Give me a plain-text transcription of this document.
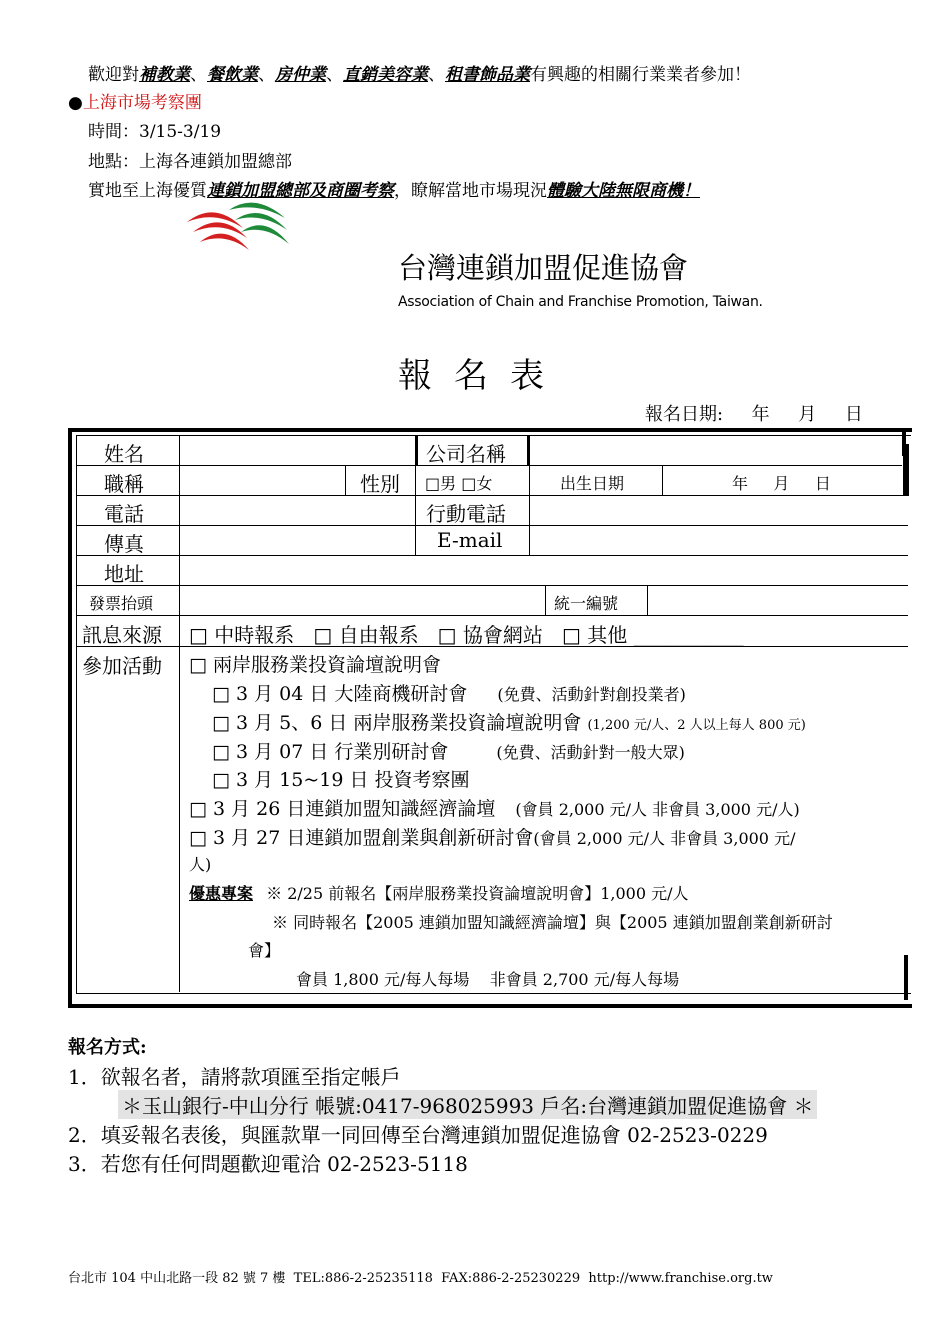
歡迎對補教業、餐飲業、房仲業、直銷美容業、租書飾品業有興趣的相關行業業者參加！
●上海市場考察團
時間：3/15-3/19
地點：上海各連鎖加盟總部
實地至上海優質連鎖加盟總部及商圈考察，瞭解當地市場現況體驗大陸無限商機！
台灣連鎖加盟促進協會
Association of Chain and Franchise Promotion, Taiwan.
報名表
報名日期:     年     月     日
姓名	公司名稱
職稱	性別 □男 □女	出生日期	年     月     日
電話	行動電話
傳真	E-mail
地址
發票抬頭	統一編號
訊息來源 □ 中時報系   □ 自由報系   □ 協會網站   □ 其他 ___________
參加活動 □ 兩岸服務業投資論壇說明會
□ 3 月 04 日 大陸商機研討會 (免費、活動針對創投業者)
□ 3 月 5、6 日 兩岸服務業投資論壇說明會 (1,200 元/人、2 人以上每人 800 元)
□ 3 月 07 日 行業別研討會	(免費、活動針對一般大眾)
□ 3 月 15~19 日 投資考察團
□ 3 月 26 日連鎖加盟知識經濟論壇 (會員 2,000 元/人 非會員 3,000 元/人)
□ 3 月 27 日連鎖加盟創業與創新研討會(會員 2,000 元/人 非會員 3,000 元/
人)
優惠專案 ※ 2/25 前報名【兩岸服務業投資論壇說明會】1,000 元/人
※ 同時報名【2005 連鎖加盟知識經濟論壇】與【2005 連鎖加盟創業創新研討
會】
會員 1,800 元/每人每場    非會員 2,700 元/每人每場
報名方式:
1．欲報名者，請將款項匯至指定帳戶
＊玉山銀行-中山分行 帳號:0417-968025993 戶名:台灣連鎖加盟促進協會 ＊
2．填妥報名表後，與匯款單一同回傳至台灣連鎖加盟促進協會 02-2523-0229
3．若您有任何問題歡迎電洽 02-2523-5118
台北市 104 中山北路一段 82 號 7 樓  TEL:886-2-25235118  FAX:886-2-25230229  http://www.franchise.org.tw
